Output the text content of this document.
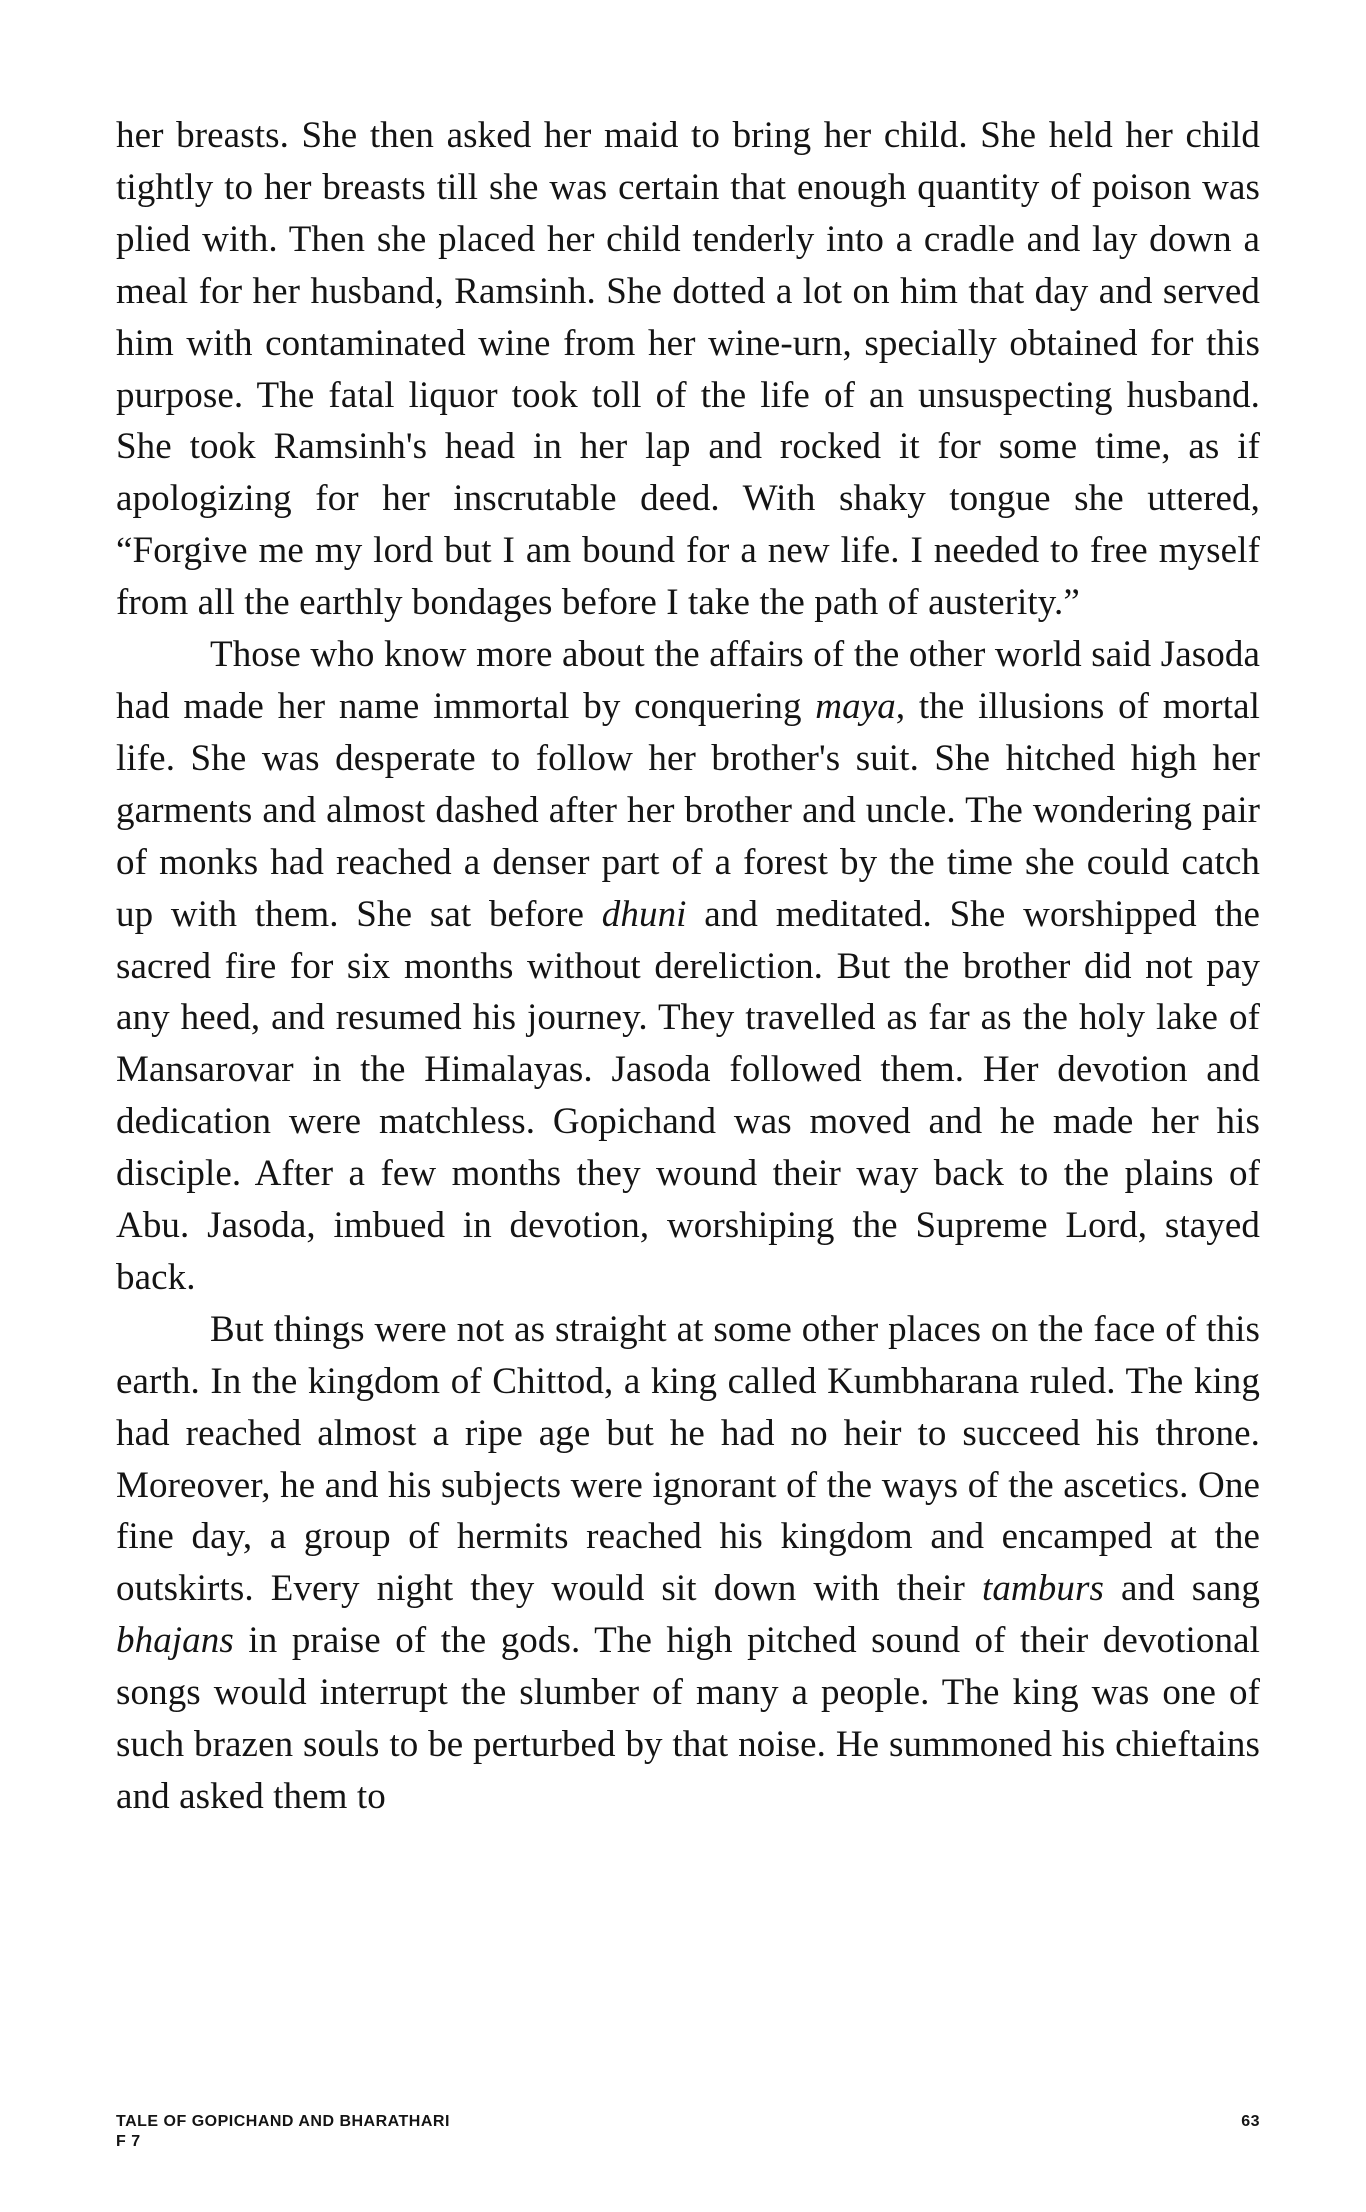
her breasts. She then asked her maid to bring her child. She held her child tightly to her breasts till she was certain that enough quantity of poison was plied with. Then she placed her child tenderly into a cradle and lay down a meal for her husband, Ramsinh. She dotted a lot on him that day and served him with contaminated wine from her wine-urn, specially obtained for this purpose. The fatal liquor took toll of the life of an unsuspecting husband. She took Ramsinh's head in her lap and rocked it for some time, as if apologizing for her inscrutable deed. With shaky tongue she uttered, “Forgive me my lord but I am bound for a new life. I needed to free myself from all the earthly bondages before I take the path of austerity.”

Those who know more about the affairs of the other world said Jasoda had made her name immortal by conquering maya, the illusions of mortal life. She was desperate to follow her brother's suit. She hitched high her garments and almost dashed after her brother and uncle. The wondering pair of monks had reached a denser part of a forest by the time she could catch up with them. She sat before dhuni and meditated. She worshipped the sacred fire for six months without dereliction. But the brother did not pay any heed, and resumed his journey. They travelled as far as the holy lake of Mansarovar in the Himalayas. Jasoda followed them. Her devotion and dedication were matchless. Gopichand was moved and he made her his disciple. After a few months they wound their way back to the plains of Abu. Jasoda, imbued in devotion, worshiping the Supreme Lord, stayed back.

But things were not as straight at some other places on the face of this earth. In the kingdom of Chittod, a king called Kumbharana ruled. The king had reached almost a ripe age but he had no heir to succeed his throne. Moreover, he and his subjects were ignorant of the ways of the ascetics. One fine day, a group of hermits reached his kingdom and encamped at the outskirts. Every night they would sit down with their tamburs and sang bhajans in praise of the gods. The high pitched sound of their devotional songs would interrupt the slumber of many a people. The king was one of such brazen souls to be perturbed by that noise. He summoned his chieftains and asked them to

TALE OF GOPICHAND AND BHARATHARI	63
F 7
